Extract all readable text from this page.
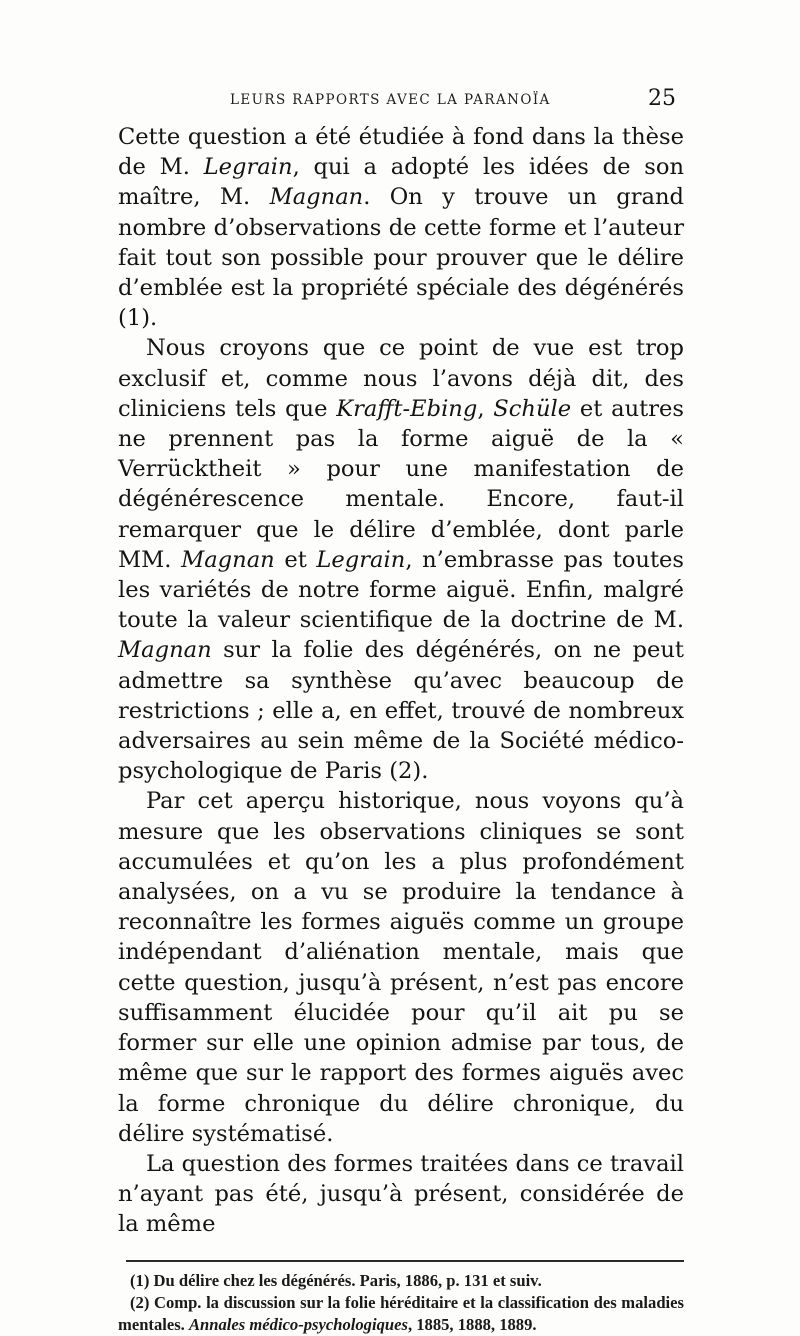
LEURS RAPPORTS AVEC LA PARANOÏA	25

Cette question a été étudiée à fond dans la thèse de M. Legrain, qui a adopté les idées de son maître, M. Magnan. On y trouve un grand nombre d’observations de cette forme et l’auteur fait tout son possible pour prouver que le délire d’emblée est la propriété spéciale des dégénérés (1).

Nous croyons que ce point de vue est trop exclusif et, comme nous l’avons déjà dit, des cliniciens tels que Krafft-Ebing, Schüle et autres ne prennent pas la forme aiguë de la « Verrücktheit » pour une manifestation de dégénérescence mentale. Encore, faut-il remarquer que le délire d’emblée, dont parle MM. Magnan et Legrain, n’embrasse pas toutes les variétés de notre forme aiguë. Enfin, malgré toute la valeur scientifique de la doctrine de M. Magnan sur la folie des dégénérés, on ne peut admettre sa synthèse qu’avec beaucoup de restrictions ; elle a, en effet, trouvé de nombreux adversaires au sein même de la Société médico-psychologique de Paris (2).

Par cet aperçu historique, nous voyons qu’à mesure que les observations cliniques se sont accumulées et qu’on les a plus profondément analysées, on a vu se produire la tendance à reconnaître les formes aiguës comme un groupe indépendant d’aliénation mentale, mais que cette question, jusqu’à présent, n’est pas encore suffisamment élucidée pour qu’il ait pu se former sur elle une opinion admise par tous, de même que sur le rapport des formes aiguës avec la forme chronique du délire chronique, du délire systématisé.

La question des formes traitées dans ce travail n’ayant pas été, jusqu’à présent, considérée de la même

(1) Du délire chez les dégénérés. Paris, 1886, p. 131 et suiv.

(2) Comp. la discussion sur la folie héréditaire et la classification des maladies mentales. Annales médico-psychologiques, 1885, 1888, 1889.
